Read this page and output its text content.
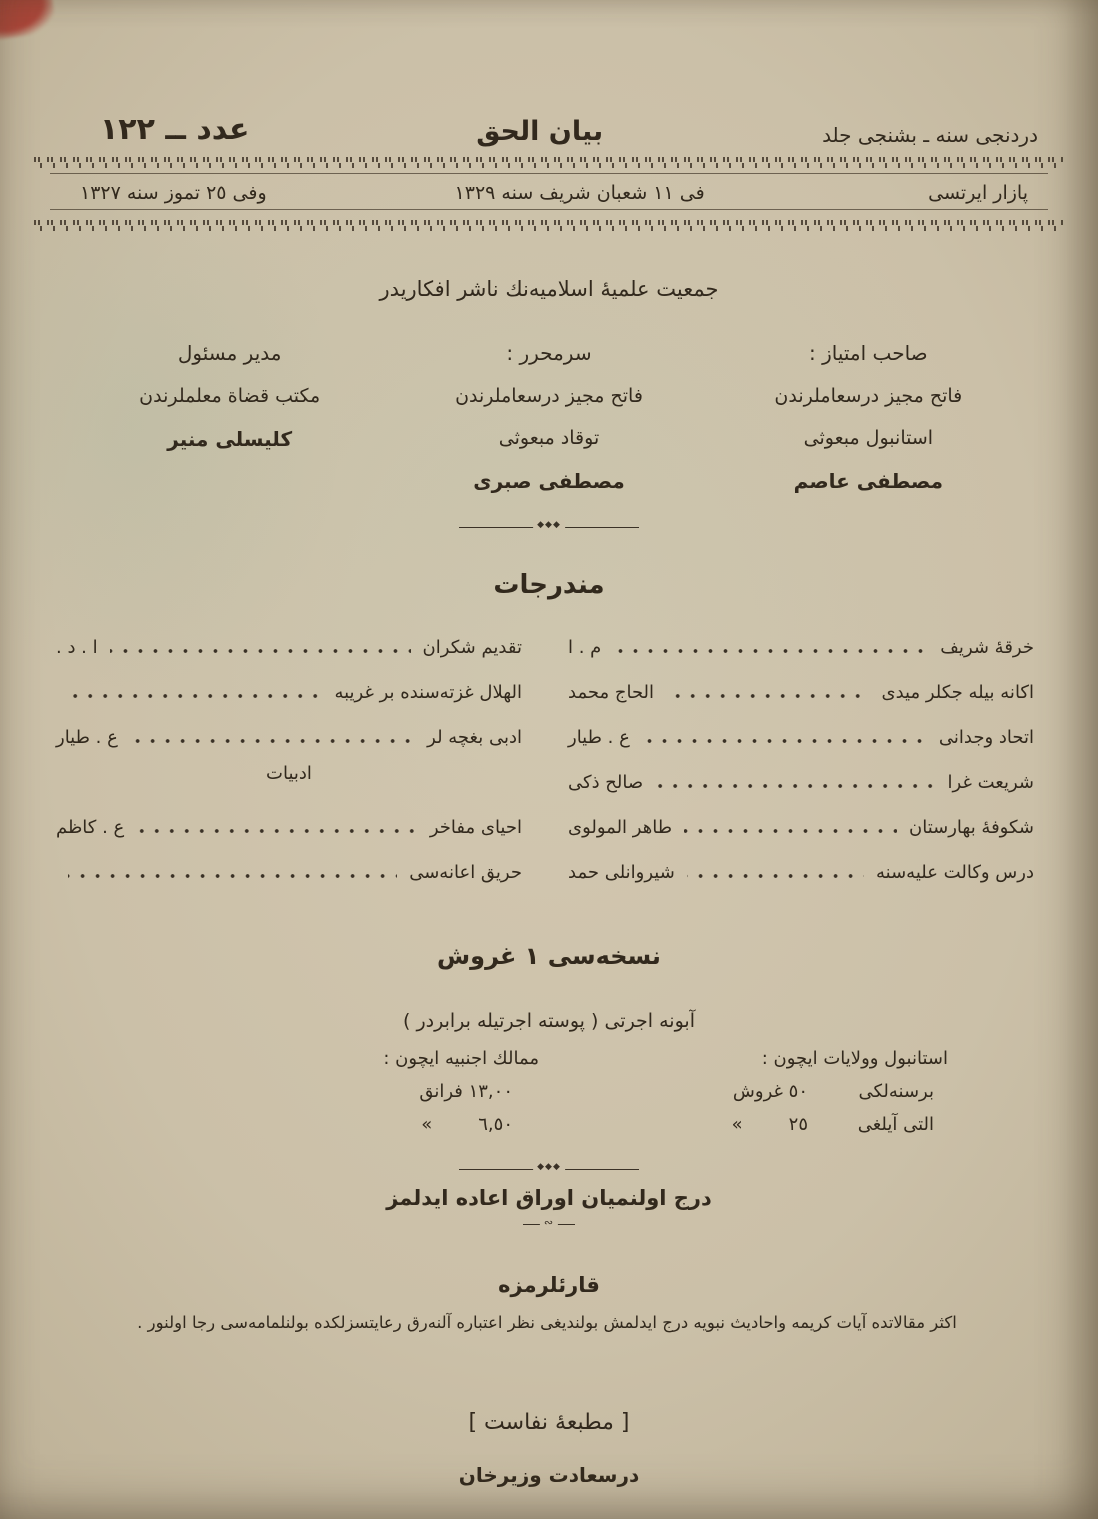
دردنجى سنه ـ بشنجى جلد
بيان الحق
عدد ــ ١٢٢
پازار ايرتسى
فى ١١ شعبان شريف سنه ١٣٢٩
وفى ٢٥ تموز سنه ١٣٢٧
جمعيت علميۀ اسلاميه‌نك ناشر افكاريدر
صاحب امتياز :
فاتح مجيز درسعاملرندن
استانبول مبعوثى
مصطفى عاصم
سرمحرر :
فاتح مجيز درسعاملرندن
توقاد مبعوثى
مصطفى صبرى
مدير مسئول
مكتب قضاة معلملرندن
كليسلى منير
◆◆◆
مندرجات
خرقۀ شريف
م . ا
اكانه بيله جكلر ميدى
الحاج محمد
اتحاد وجدانى
ع . طيار
شريعت غرا
صالح ذكى
شكوفۀ بهارستان
طاهر المولوى
درس وكالت عليه‌سنه
شيروانلى حمد
تقديم شكران
ا . د .
الهلال غزته‌سنده بر غريبه
ادبى بغچه لر
ع . طيار
ادبيات
احياى مفاخر
ع . كاظم
حريق اعانه‌سى
نسخه‌سى ١ غروش
آبونه اجرتى ( پوسته اجرتيله برابردر )
استانبول وولايات ايچون :
برسنه‌لكى
٥٠ غروش
التى آيلغى
٢٥
»
ممالك اجنبيه ايچون :
١٣,٠٠ فرانق
٦,٥٠
»
◆◆◆
درج اولنميان اوراق اعاده ايدلمز
∾
قارئلرمزه
اكثر مقالاتده آيات كريمه واحاديث نبويه درج ايدلمش بولنديغى نظر اعتباره آلنه‌رق رعايتسزلكده بولنلمامه‌سى رجا اولنور .
[ مطبعۀ نفاست ]
درسعادت وزيرخان
